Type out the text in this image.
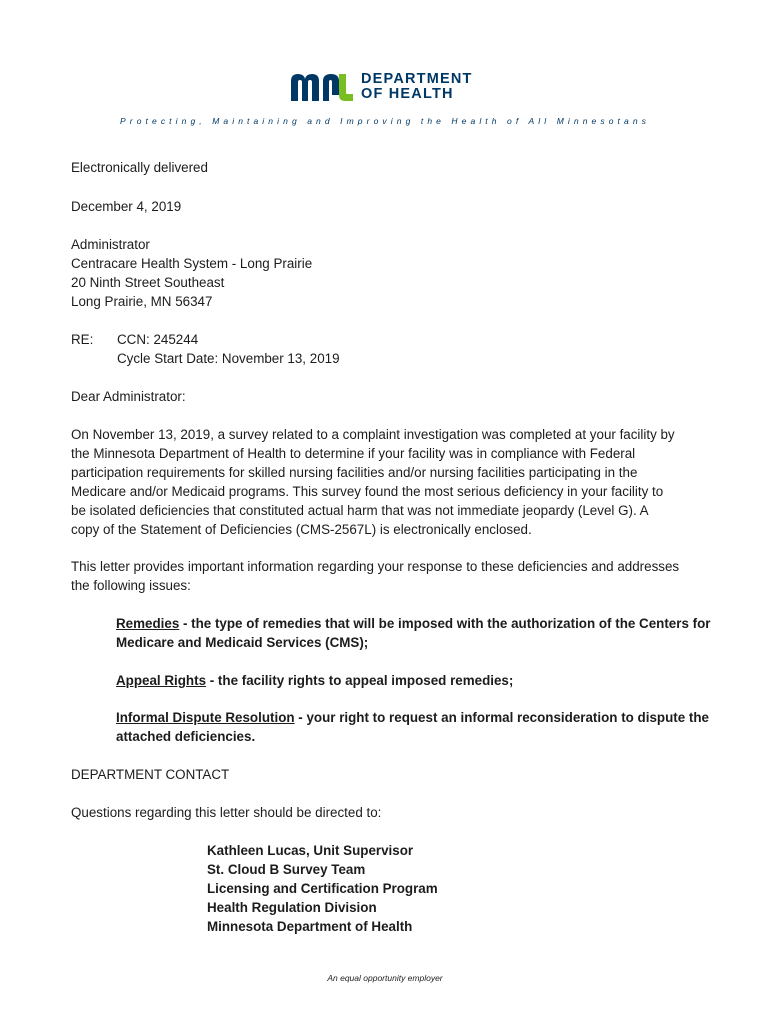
DEPARTMENT
OF HEALTH
Protecting, Maintaining and Improving the Health of All Minnesotans
Electronically delivered
December 4, 2019
Administrator
Centracare Health System - Long Prairie
20 Ninth Street Southeast
Long Prairie, MN 56347
RE: CCN: 245244
Cycle Start Date: November 13, 2019
Dear Administrator:
On November 13, 2019, a survey related to a complaint investigation was completed at your facility by
the Minnesota Department of Health to determine if your facility was in compliance with Federal
participation requirements for skilled nursing facilities and/or nursing facilities participating in the
Medicare and/or Medicaid programs. This survey found the most serious deficiency in your facility to
be isolated deficiencies that constituted actual harm that was not immediate jeopardy (Level G). A
copy of the Statement of Deficiencies (CMS-2567L) is electronically enclosed.
This letter provides important information regarding your response to these deficiencies and addresses
the following issues:
Remedies - the type of remedies that will be imposed with the authorization of the Centers for
Medicare and Medicaid Services (CMS);
Appeal Rights - the facility rights to appeal imposed remedies;
Informal Dispute Resolution - your right to request an informal reconsideration to dispute the
attached deficiencies.
DEPARTMENT CONTACT
Questions regarding this letter should be directed to:
Kathleen Lucas, Unit Supervisor
St. Cloud B Survey Team
Licensing and Certification Program
Health Regulation Division
Minnesota Department of Health
An equal opportunity employer
